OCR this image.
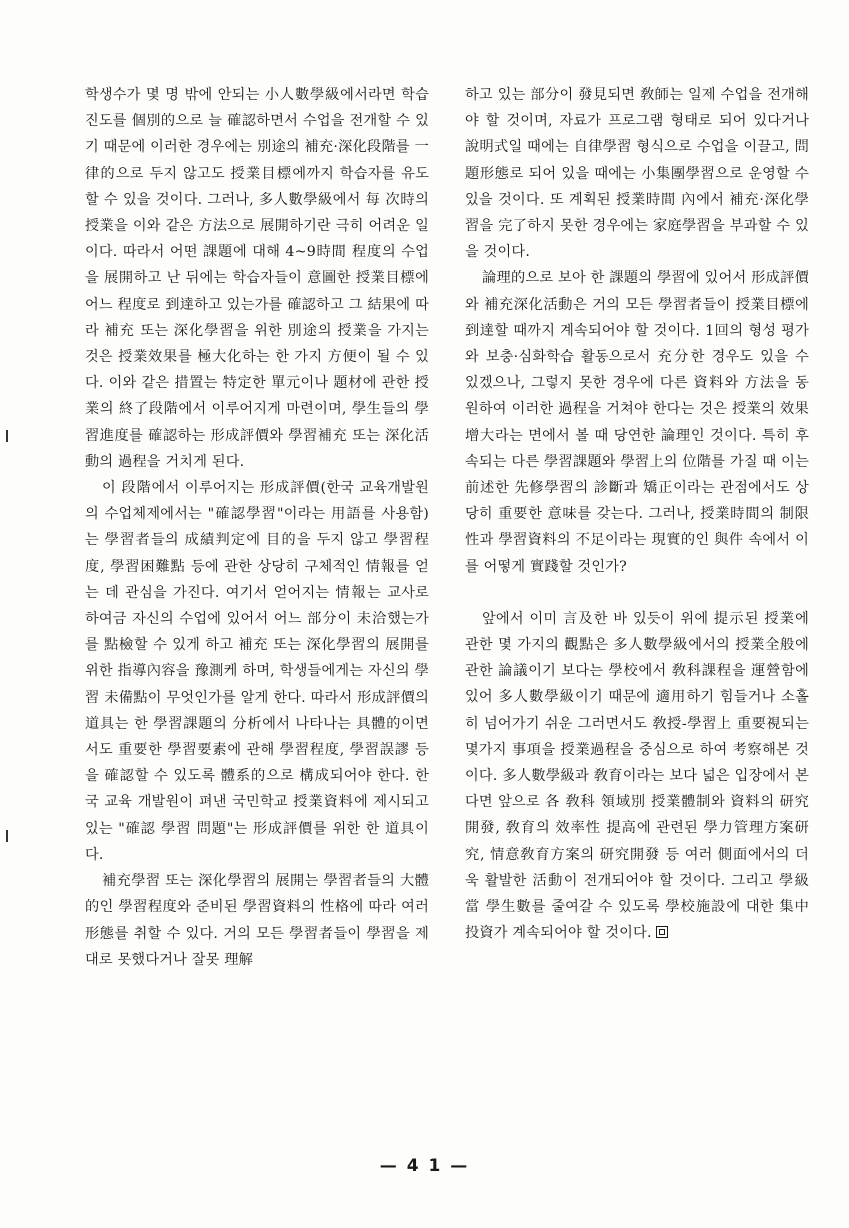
학생수가 몇 명 밖에 안되는 小人數學級에서라면 학습진도를 個別的으로 늘 確認하면서 수업을 전개할 수 있기 때문에 이러한 경우에는 別途의 補充·深化段階를 一律的으로 두지 않고도 授業目標에까지 학습자를 유도할 수 있을 것이다. 그러나, 多人數學級에서 每 次時의 授業을 이와 같은 方法으로 展開하기란 극히 어려운 일이다. 따라서 어떤 課題에 대해 4~9時間 程度의 수업을 展開하고 난 뒤에는 학습자들이 意圖한 授業目標에 어느 程度로 到達하고 있는가를 確認하고 그 結果에 따라 補充 또는 深化學習을 위한 別途의 授業을 가지는 것은 授業效果를 極大化하는 한 가지 方便이 될 수 있다. 이와 같은 措置는 特定한 單元이나 題材에 관한 授業의 終了段階에서 이루어지게 마련이며, 學生들의 學習進度를 確認하는 形成評價와 學習補充 또는 深化活動의 過程을 거치게 된다.

이 段階에서 이루어지는 形成評價(한국 교육개발원의 수업체제에서는 "確認學習"이라는 用語를 사용함)는 學習者들의 成績判定에 目的을 두지 않고 學習程度, 學習困難點 등에 관한 상당히 구체적인 情報를 얻는 데 관심을 가진다. 여기서 얻어지는 情報는 교사로 하여금 자신의 수업에 있어서 어느 部分이 未洽했는가를 點檢할 수 있게 하고 補充 또는 深化學習의 展開를 위한 指導內容을 豫測케 하며, 학생들에게는 자신의 學習 未備點이 무엇인가를 알게 한다. 따라서 形成評價의 道具는 한 學習課題의 分析에서 나타나는 具體的이면서도 重要한 學習要素에 관해 學習程度, 學習誤謬 등을 確認할 수 있도록 體系的으로 構成되어야 한다. 한국 교육 개발원이 펴낸 국민학교 授業資料에 제시되고 있는 "確認 學習 問題"는 形成評價를 위한 한 道具이다.

補充學習 또는 深化學習의 展開는 學習者들의 大體的인 學習程度와 준비된 學習資料의 性格에 따라 여러 形態를 취할 수 있다. 거의 모든 學習者들이 學習을 제대로 못했다거나 잘못 理解

하고 있는 部分이 發見되면 敎師는 일제 수업을 전개해야 할 것이며, 자료가 프로그램 형태로 되어 있다거나 說明式일 때에는 自律學習 형식으로 수업을 이끌고, 問題形態로 되어 있을 때에는 小集團學習으로 운영할 수 있을 것이다. 또 계획된 授業時間 內에서 補充·深化學習을 完了하지 못한 경우에는 家庭學習을 부과할 수 있을 것이다.

論理的으로 보아 한 課題의 學習에 있어서 形成評價와 補充深化活動은 거의 모든 學習者들이 授業目標에 到達할 때까지 계속되어야 할 것이다. 1回의 형성 평가와 보충·심화학습 활동으로서 充分한 경우도 있을 수 있겠으나, 그렇지 못한 경우에 다른 資料와 方法을 동원하여 이러한 過程을 거쳐야 한다는 것은 授業의 效果增大라는 면에서 볼 때 당연한 論理인 것이다. 특히 후속되는 다른 學習課題와 學習上의 位階를 가질 때 이는 前述한 先修學習의 診斷과 矯正이라는 관점에서도 상당히 重要한 意味를 갖는다. 그러나, 授業時間의 制限性과 學習資料의 不足이라는 現實的인 與件 속에서 이를 어떻게 實踐할 것인가?

앞에서 이미 言及한 바 있듯이 위에 提示된 授業에 관한 몇 가지의 觀點은 多人數學級에서의 授業全般에 관한 論議이기 보다는 學校에서 敎科課程을 運營함에 있어 多人數學級이기 때문에 適用하기 힘들거나 소홀히 넘어가기 쉬운 그러면서도 敎授-學習上 重要視되는 몇가지 事項을 授業過程을 중심으로 하여 考察해본 것이다. 多人數學級과 敎育이라는 보다 넓은 입장에서 본다면 앞으로 各 敎科 領域別 授業體制와 資料의 研究開發, 敎育의 效率性 提高에 관련된 學力管理方案研究, 情意敎育方案의 研究開發 등 여러 側面에서의 더욱 활발한 活動이 전개되어야 할 것이다. 그리고 學級當 學生數를 줄여갈 수 있도록 學校施設에 대한 集中投資가 계속되어야 할 것이다.

— 4 1 —
